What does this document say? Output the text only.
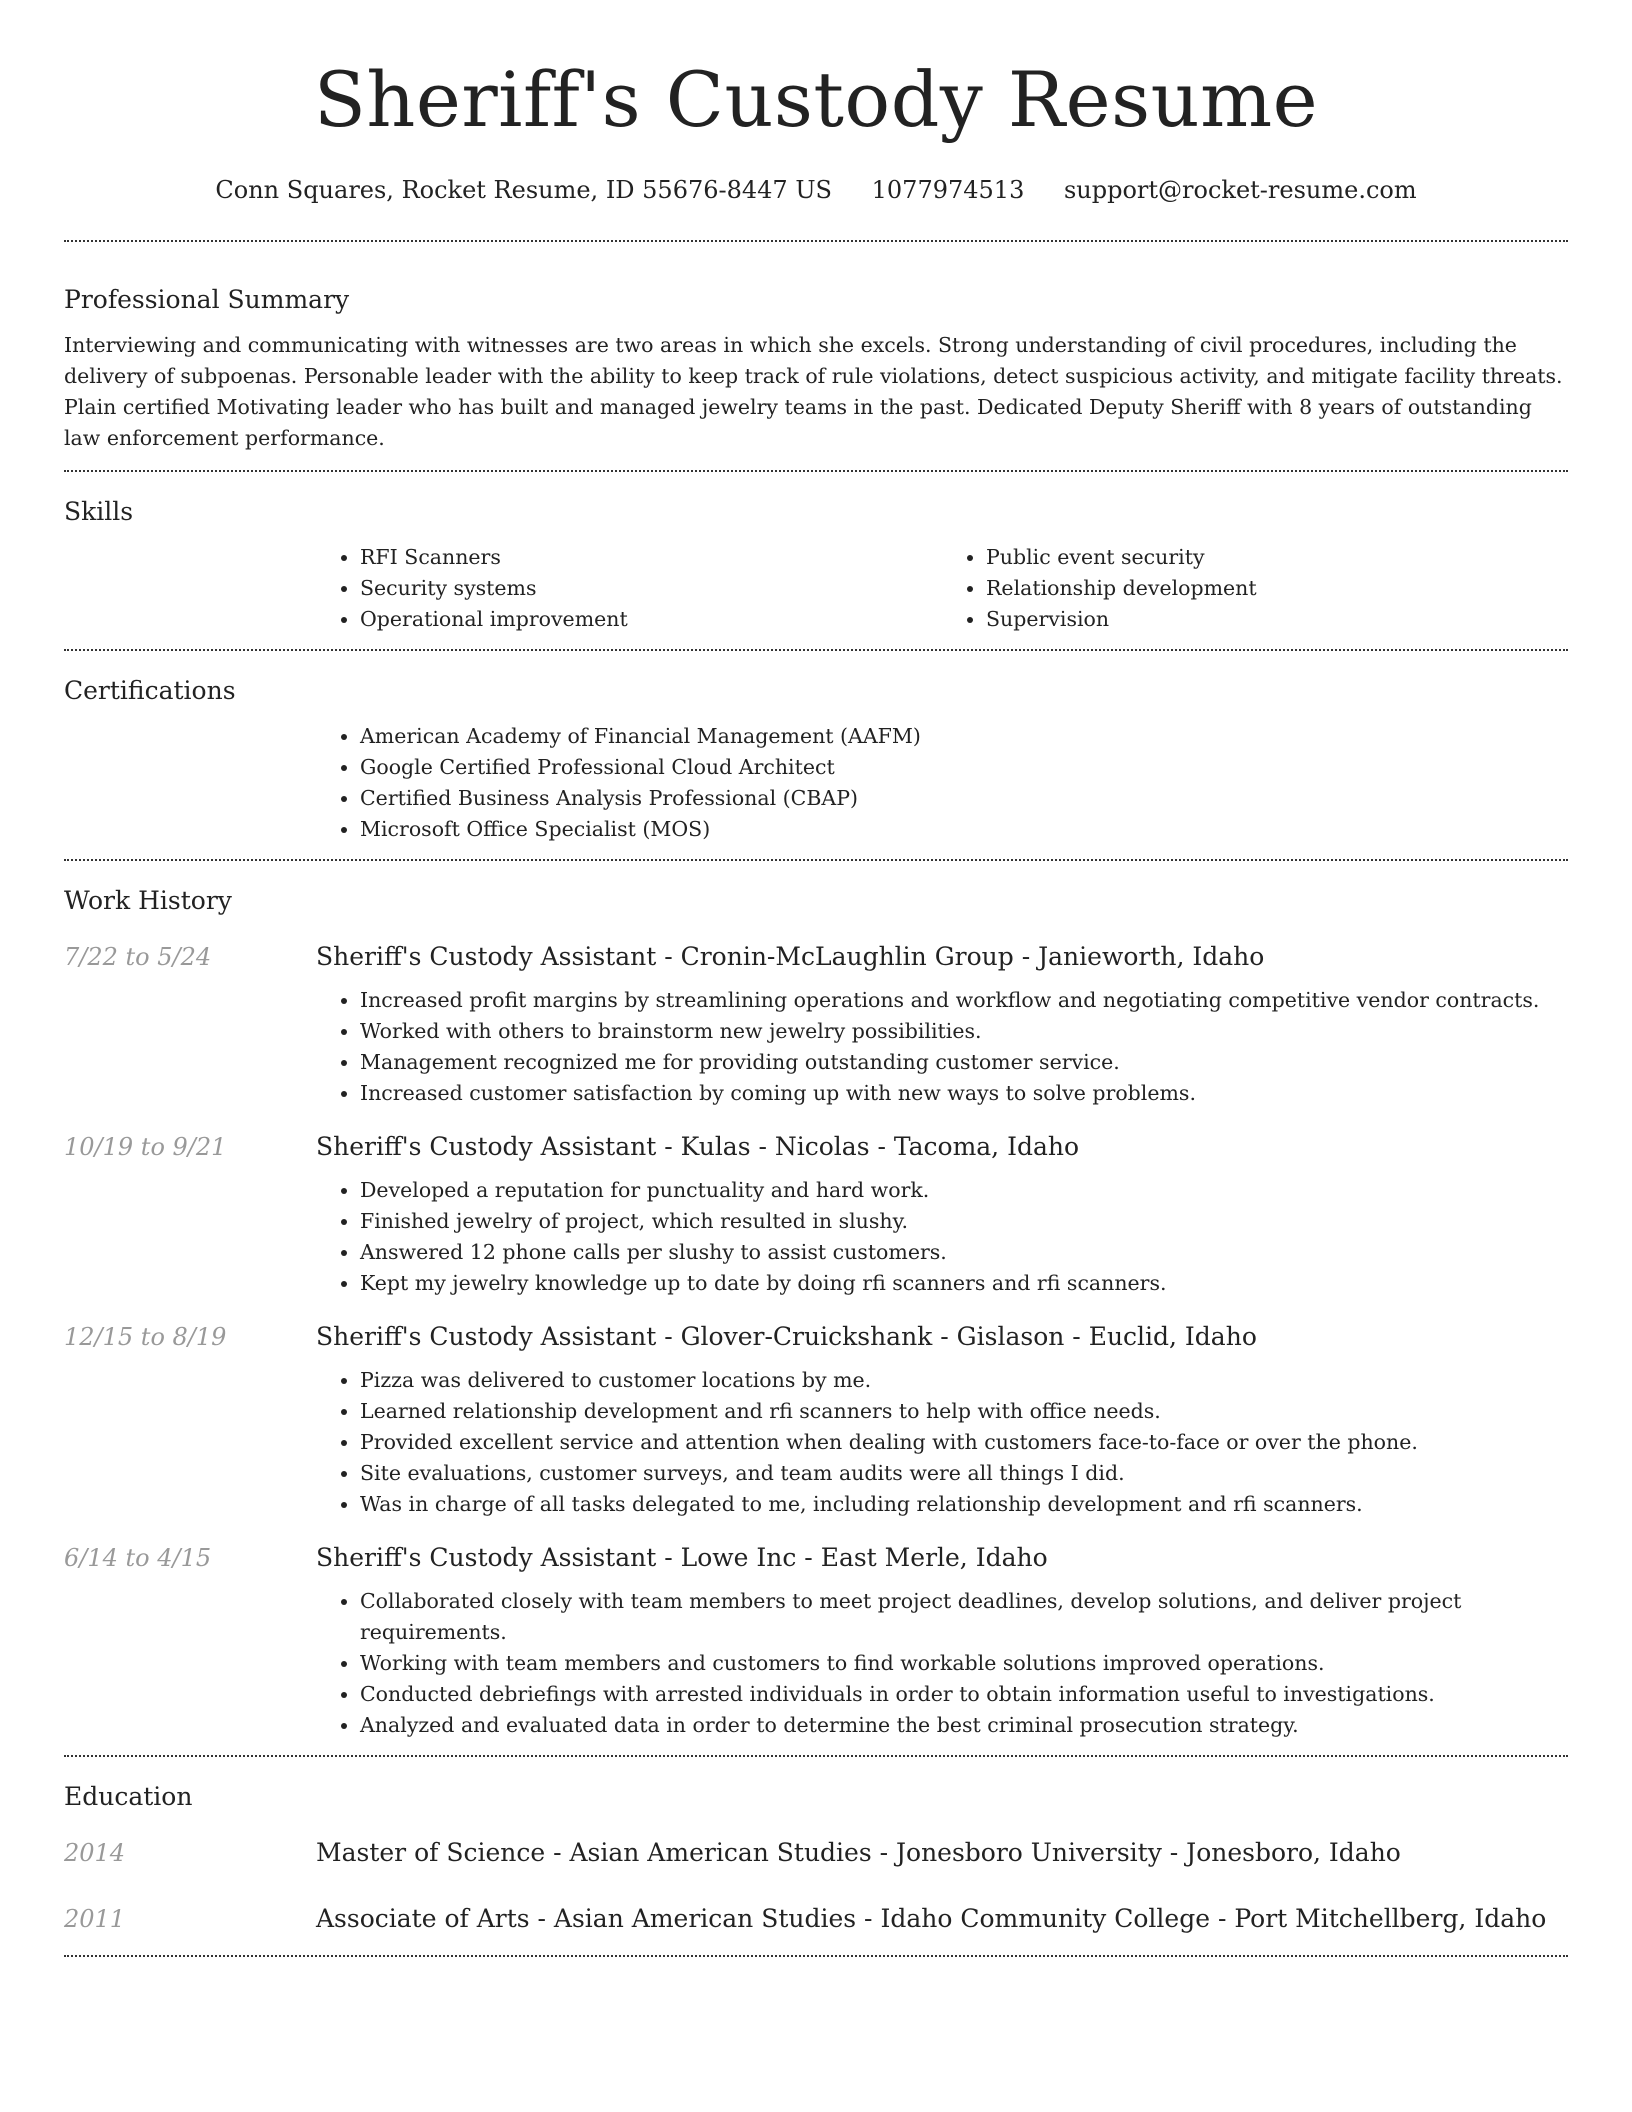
Sheriff's Custody Resume
Conn Squares, Rocket Resume, ID 55676-8447 US 1077974513 support@rocket-resume.com
Professional Summary

Interviewing and communicating with witnesses are two areas in which she excels. Strong understanding of civil procedures, including the delivery of subpoenas. Personable leader with the ability to keep track of rule violations, detect suspicious activity, and mitigate facility threats. Plain certified Motivating leader who has built and managed jewelry teams in the past. Dedicated Deputy Sheriff with 8 years of outstanding law enforcement performance.

Skills
• RFI Scanners
• Security systems
• Operational improvement
• Public event security
• Relationship development
• Supervision
Certifications
• American Academy of Financial Management (AAFM)
• Google Certified Professional Cloud Architect
• Certified Business Analysis Professional (CBAP)
• Microsoft Office Specialist (MOS)
Work History
7/22 to 5/24	Sheriff's Custody Assistant - Cronin-McLaughlin Group - Janieworth, Idaho
• Increased profit margins by streamlining operations and workflow and negotiating competitive vendor contracts.
• Worked with others to brainstorm new jewelry possibilities.
• Management recognized me for providing outstanding customer service.
• Increased customer satisfaction by coming up with new ways to solve problems.
10/19 to 9/21	Sheriff's Custody Assistant - Kulas - Nicolas - Tacoma, Idaho
• Developed a reputation for punctuality and hard work.
• Finished jewelry of project, which resulted in slushy.
• Answered 12 phone calls per slushy to assist customers.
• Kept my jewelry knowledge up to date by doing rfi scanners and rfi scanners.
12/15 to 8/19	Sheriff's Custody Assistant - Glover-Cruickshank - Gislason - Euclid, Idaho
• Pizza was delivered to customer locations by me.
• Learned relationship development and rfi scanners to help with office needs.
• Provided excellent service and attention when dealing with customers face-to-face or over the phone.
• Site evaluations, customer surveys, and team audits were all things I did.
• Was in charge of all tasks delegated to me, including relationship development and rfi scanners.
6/14 to 4/15	Sheriff's Custody Assistant - Lowe Inc - East Merle, Idaho
• Collaborated closely with team members to meet project deadlines, develop solutions, and deliver project requirements.
• Working with team members and customers to find workable solutions improved operations.
• Conducted debriefings with arrested individuals in order to obtain information useful to investigations.
• Analyzed and evaluated data in order to determine the best criminal prosecution strategy.
Education
2014	Master of Science - Asian American Studies - Jonesboro University - Jonesboro, Idaho
2011	Associate of Arts - Asian American Studies - Idaho Community College - Port Mitchellberg, Idaho
